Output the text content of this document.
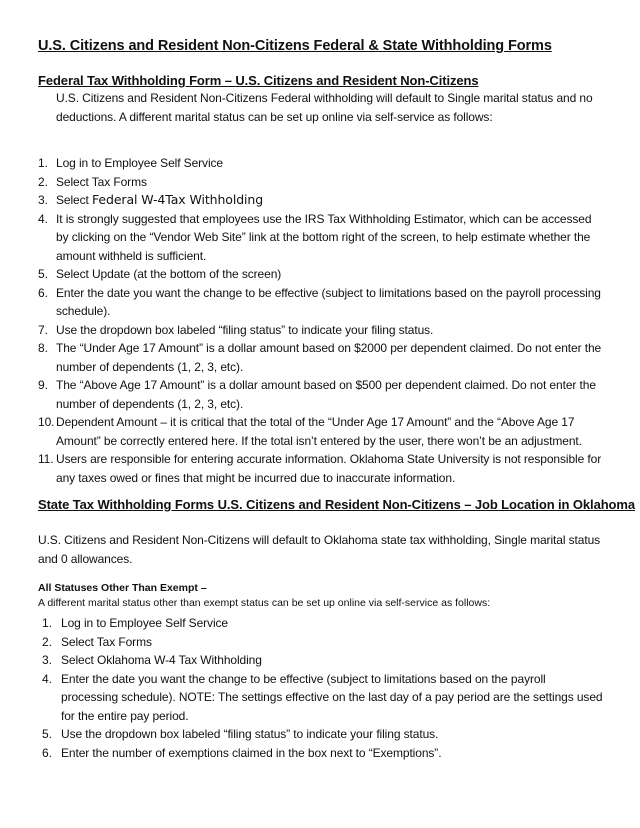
U.S. Citizens and Resident Non-Citizens Federal & State Withholding Forms
Federal Tax Withholding Form – U.S. Citizens and Resident Non-Citizens

U.S. Citizens and Resident Non-Citizens Federal withholding will default to Single marital status and no deductions. A different marital status can be set up online via self-service as follows:

1. Log in to Employee Self Service
2. Select Tax Forms
3. Select Federal W-4Tax Withholding
4. It is strongly suggested that employees use the IRS Tax Withholding Estimator, which can be accessed by clicking on the “Vendor Web Site” link at the bottom right of the screen, to help estimate whether the amount withheld is sufficient.
5. Select Update (at the bottom of the screen)
6. Enter the date you want the change to be effective (subject to limitations based on the payroll processing schedule).
7. Use the dropdown box labeled “filing status” to indicate your filing status.
8. The “Under Age 17 Amount” is a dollar amount based on $2000 per dependent claimed. Do not enter the number of dependents (1, 2, 3, etc).
9. The “Above Age 17 Amount” is a dollar amount based on $500 per dependent claimed. Do not enter the number of dependents (1, 2, 3, etc).
10. Dependent Amount – it is critical that the total of the “Under Age 17 Amount” and the “Above Age 17 Amount” be correctly entered here. If the total isn’t entered by the user, there won’t be an adjustment.
11. Users are responsible for entering accurate information. Oklahoma State University is not responsible for any taxes owed or fines that might be incurred due to inaccurate information.
State Tax Withholding Forms U.S. Citizens and Resident Non-Citizens – Job Location in Oklahoma

U.S. Citizens and Resident Non-Citizens will default to Oklahoma state tax withholding, Single marital status and 0 allowances.

All Statuses Other Than Exempt –
A different marital status other than exempt status can be set up online via self-service as follows:
1. Log in to Employee Self Service
2. Select Tax Forms
3. Select Oklahoma W-4 Tax Withholding
4. Enter the date you want the change to be effective (subject to limitations based on the payroll processing schedule). NOTE: The settings effective on the last day of a pay period are the settings used for the entire pay period.
5. Use the dropdown box labeled “filing status” to indicate your filing status.
6. Enter the number of exemptions claimed in the box next to “Exemptions”.
